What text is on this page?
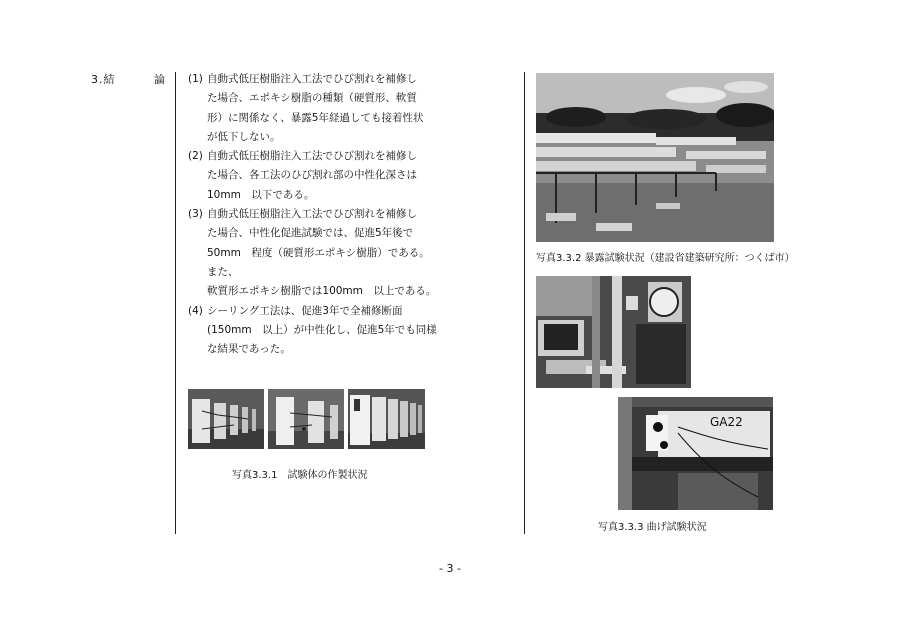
3.結	論 (1) 自動式低圧樹脂注入工法でひび割れを補修し
た場合、エポキシ樹脂の種類（硬質形、軟質
形）に関係なく、暴露5年経過しても接着性状
が低下しない。
(2) 自動式低圧樹脂注入工法でひび割れを補修し
た場合、各工法のひび割れ部の中性化深さは
10mm　以下である。
(3) 自動式低圧樹脂注入工法でひび割れを補修し
た場合、中性化促進試験では、促進5年後で
50mm　程度（硬質形エポキシ樹脂）である。また、
軟質形エポキシ樹脂では100mm　以上である。
(4) シーリング工法は、促進3年で全補修断面
(150mm　以上）が中性化し、促進5年でも同様
な結果であった。
写真3.3.1　試験体の作製状況
写真3.3.2 暴露試験状況（建設省建築研究所：つくば市）
GA22
写真3.3.3 曲げ試験状況
- 3 -
